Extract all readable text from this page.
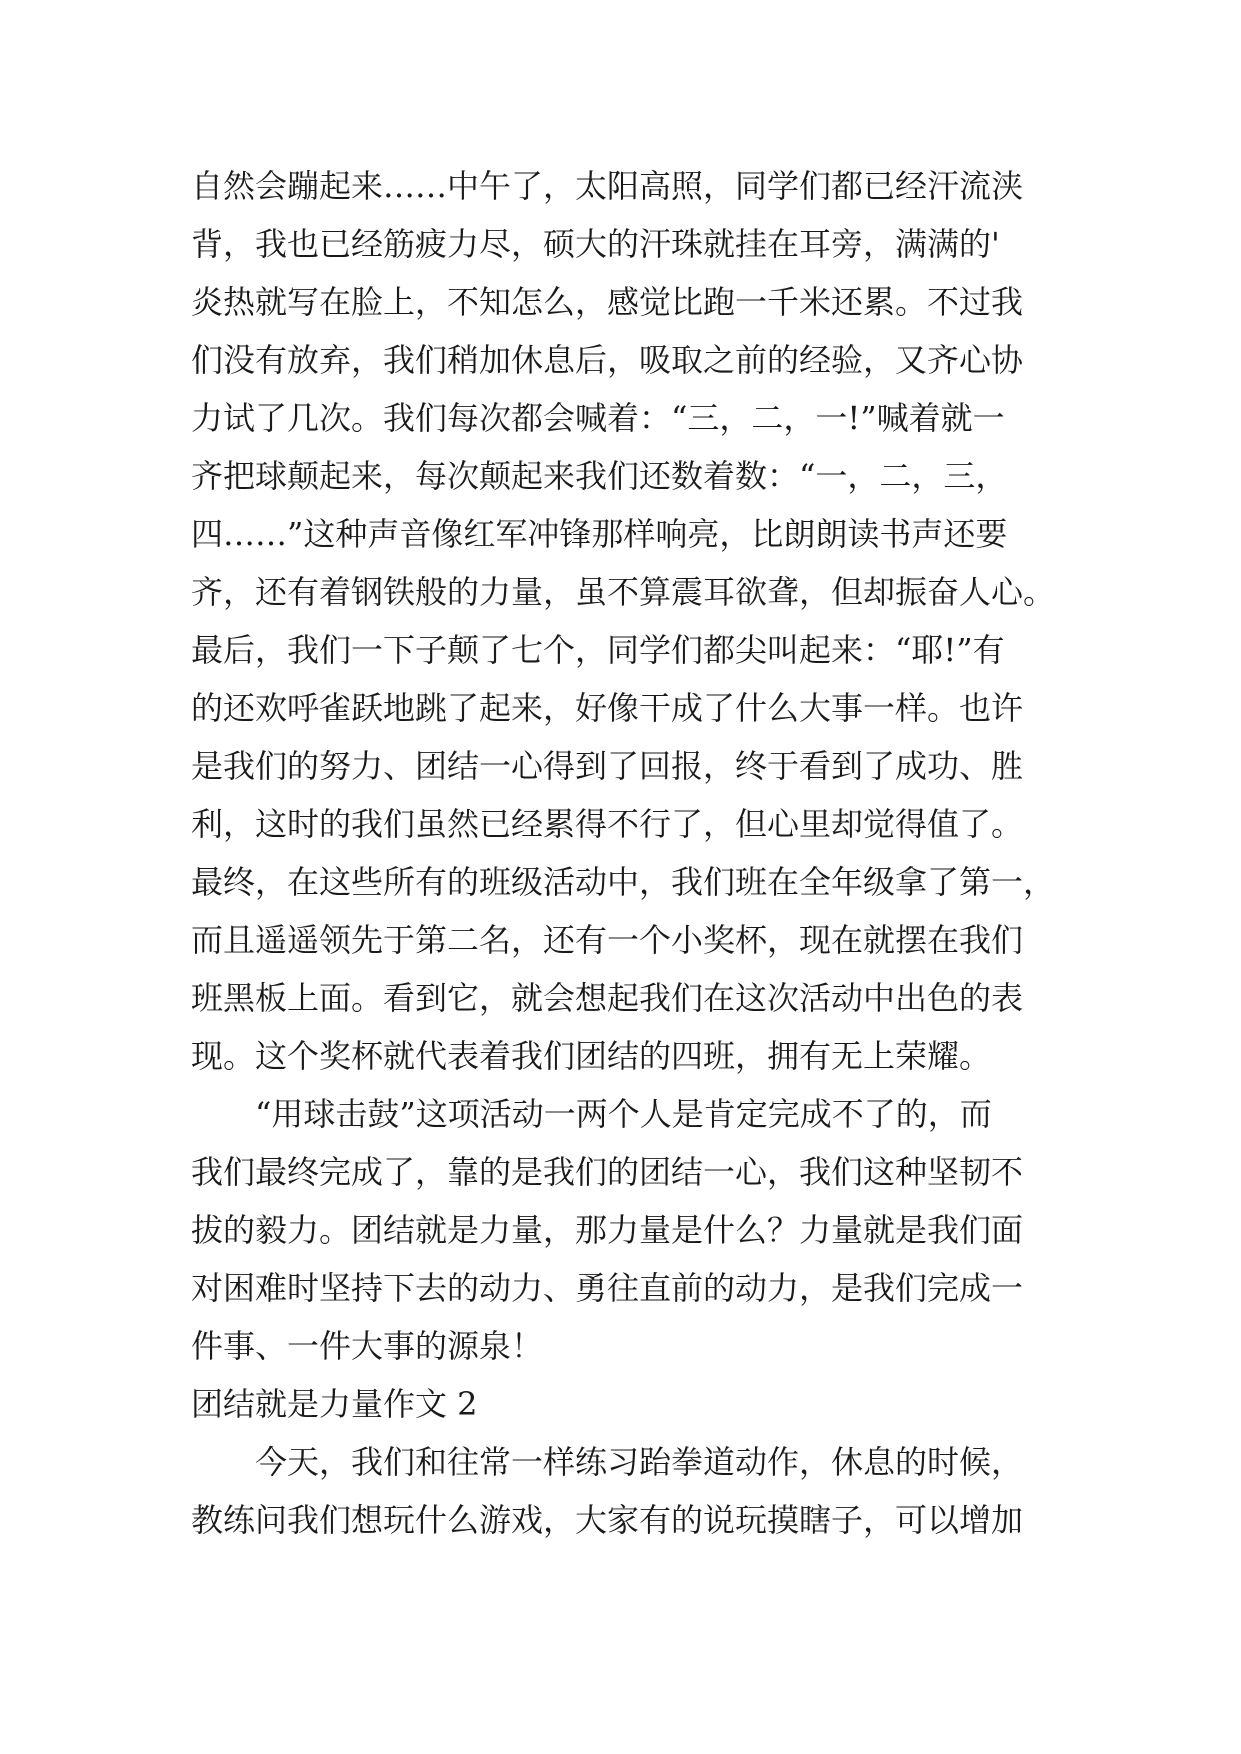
自然会蹦起来……中午了，太阳高照，同学们都已经汗流浃
背，我也已经筋疲力尽，硕大的汗珠就挂在耳旁，满满的'
炎热就写在脸上，不知怎么，感觉比跑一千米还累。不过我
们没有放弃，我们稍加休息后，吸取之前的经验，又齐心协
力试了几次。我们每次都会喊着：“三，二，一!”喊着就一
齐把球颠起来，每次颠起来我们还数着数：“一，二，三，
四……”这种声音像红军冲锋那样响亮，比朗朗读书声还要
齐，还有着钢铁般的力量，虽不算震耳欲聋，但却振奋人心。
最后，我们一下子颠了七个，同学们都尖叫起来：“耶!”有
的还欢呼雀跃地跳了起来，好像干成了什么大事一样。也许
是我们的努力、团结一心得到了回报，终于看到了成功、胜
利，这时的我们虽然已经累得不行了，但心里却觉得值了。
最终，在这些所有的班级活动中，我们班在全年级拿了第一，
而且遥遥领先于第二名，还有一个小奖杯，现在就摆在我们
班黑板上面。看到它，就会想起我们在这次活动中出色的表
现。这个奖杯就代表着我们团结的四班，拥有无上荣耀。
　　“用球击鼓”这项活动一两个人是肯定完成不了的，而
我们最终完成了，靠的是我们的团结一心，我们这种坚韧不
拔的毅力。团结就是力量，那力量是什么？力量就是我们面
对困难时坚持下去的动力、勇往直前的动力，是我们完成一
件事、一件大事的源泉！
团结就是力量作文 2
　　今天，我们和往常一样练习跆拳道动作，休息的时候，
教练问我们想玩什么游戏，大家有的说玩摸瞎子，可以增加
